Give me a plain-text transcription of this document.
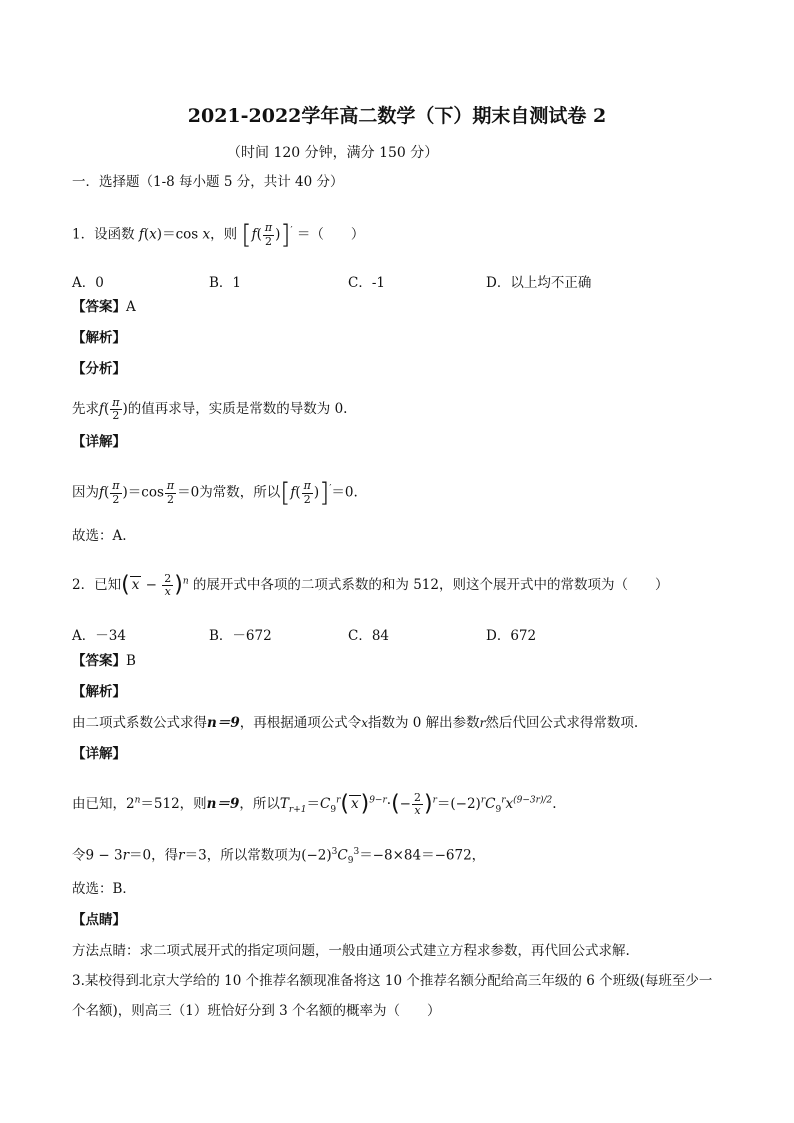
2021-2022学年高二数学（下）期末自测试卷 2
（时间 120 分钟，满分 150 分）
一．选择题（1-8 每小题 5 分，共计 40 分）
1．设函数 f(x)＝cos x，则 $[f( \frac{\pi}{2} )]'$ ＝（　　）
A．0	B．1	C．-1	D．以上均不正确
【答案】A
【解析】
【分析】
先求$f( \frac{\pi}{2}$ )的值再求导，实质是常数的导数为 0.
【详解】
因为$f( \frac{\pi}{2} )=\cos \frac{\pi}{2} =0$为常数，所以$[f( \frac{\pi}{2} )]'=0$.
故选：A.
2．已知( $x - \frac{2}{x} )^n$ 的展开式中各项的二项式系数的和为 512，则这个展开式中的常数项为（　　）
A．－34	B．－672	C．84	D．672
【答案】B
【解析】
由二项式系数公式求得n＝9，再根据通项公式令x指数为 0 解出参数r然后代回公式求得常数项.
【详解】
由已知，$2^n=512$，则n＝9，所以$T_{r+1}=C_9^r$( $x)^{9-r}\cdot(- \frac{2}{x} )^r=(-2)^rC_9^rx^{(9-3r)/2}$.
令9 − 3r＝0，得r＝3，所以常数项为$(-2)^3C_9^3=-8\times 84=-672$，
故选：B．
【点睛】
方法点睛：求二项式展开式的指定项问题，一般由通项公式建立方程求参数，再代回公式求解.
3.某校得到北京大学给的 10 个推荐名额现准备将这 10 个推荐名额分配给高三年级的 6 个班级(每班至少一
个名额)，则高三（1）班恰好分到 3 个名额的概率为（　　）
